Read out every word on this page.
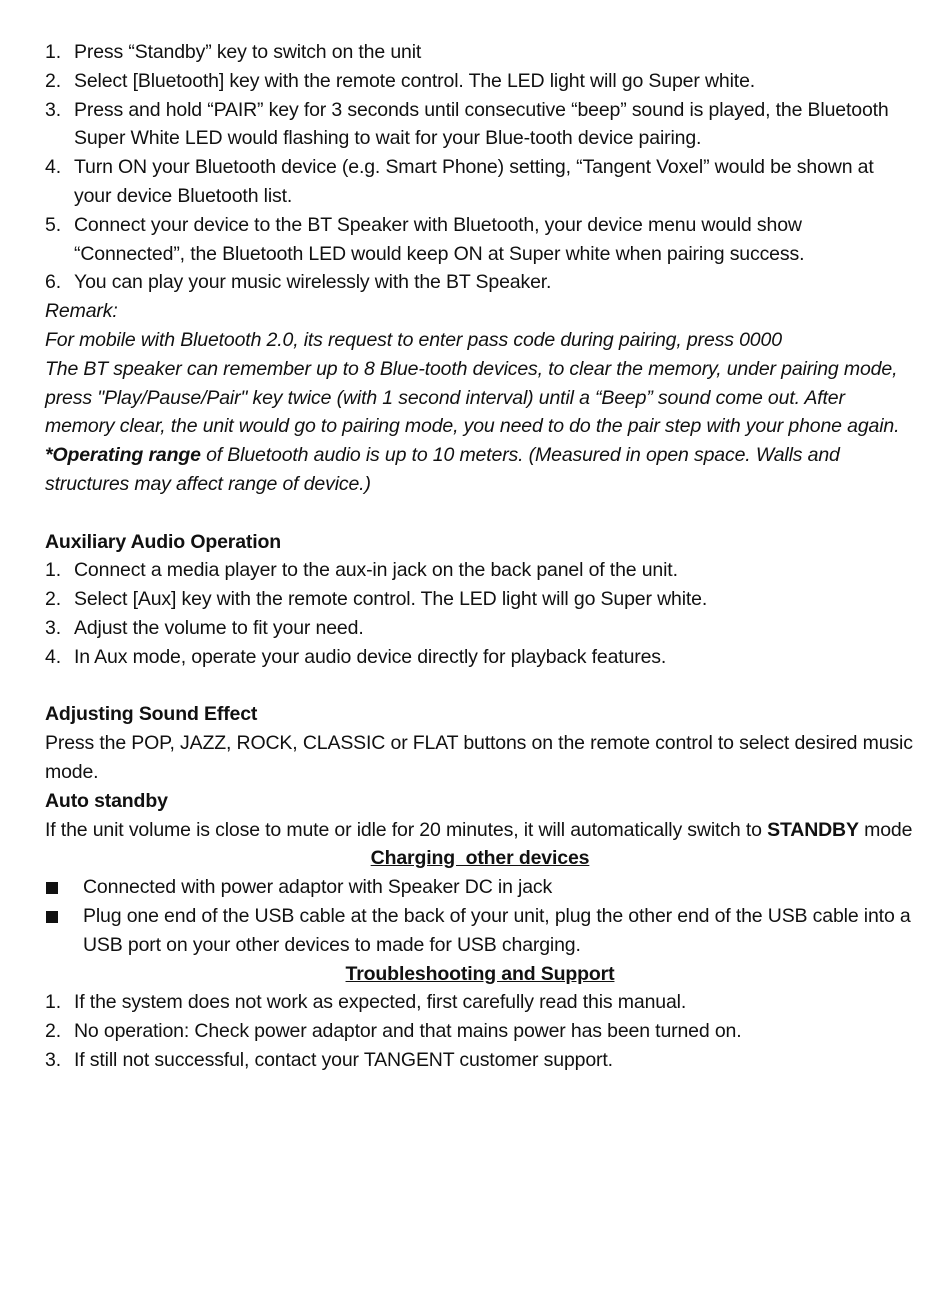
1. Press “Standby” key to switch on the unit
2. Select [Bluetooth] key with the remote control. The LED light will go Super white.
3. Press and hold “PAIR” key for 3 seconds until consecutive “beep” sound is played, the Bluetooth Super White LED would flashing to wait for your Blue-tooth device pairing.
4. Turn ON your Bluetooth device (e.g. Smart Phone) setting, “Tangent Voxel” would be shown at your device Bluetooth list.
5. Connect your device to the BT Speaker with Bluetooth, your device menu would show “Connected”, the Bluetooth LED would keep ON at Super white when pairing success.
6. You can play your music wirelessly with the BT Speaker.
Remark:
For mobile with Bluetooth 2.0, its request to enter pass code during pairing, press 0000
The BT speaker can remember up to 8 Blue-tooth devices, to clear the memory, under pairing mode, press "Play/Pause/Pair" key twice (with 1 second interval) until a “Beep” sound come out. After memory clear, the unit would go to pairing mode, you need to do the pair step with your phone again.
*Operating range of Bluetooth audio is up to 10 meters. (Measured in open space. Walls and structures may affect range of device.)
Auxiliary Audio Operation
1. Connect a media player to the aux-in jack on the back panel of the unit.
2. Select [Aux] key with the remote control. The LED light will go Super white.
3. Adjust the volume to fit your need.
4. In Aux mode, operate your audio device directly for playback features.
Adjusting Sound Effect
Press the POP, JAZZ, ROCK, CLASSIC or FLAT buttons on the remote control to select desired music mode.
Auto standby
If the unit volume is close to mute or idle for 20 minutes, it will automatically switch to STANDBY mode
Charging  other devices
Connected with power adaptor with Speaker DC in jack
Plug one end of the USB cable at the back of your unit, plug the other end of the USB cable into a USB port on your other devices to made for USB charging.
Troubleshooting and Support
1. If the system does not work as expected, first carefully read this manual.
2. No operation: Check power adaptor and that mains power has been turned on.
3. If still not successful, contact your TANGENT customer support.
